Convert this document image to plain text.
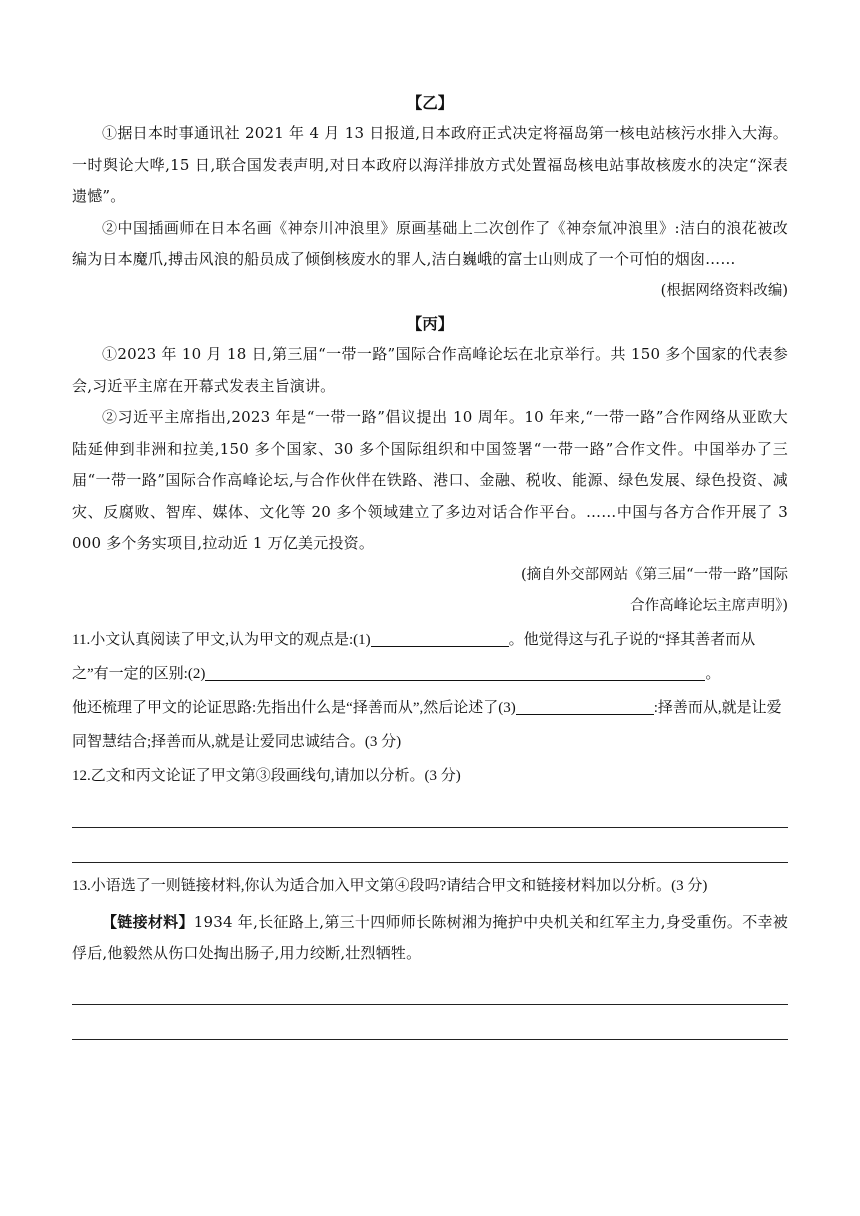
【乙】

①据日本时事通讯社 2021 年 4 月 13 日报道,日本政府正式决定将福岛第一核电站核污水排入大海。一时舆论大哗,15 日,联合国发表声明,对日本政府以海洋排放方式处置福岛核电站事故核废水的决定“深表遗憾”。

②中国插画师在日本名画《神奈川冲浪里》原画基础上二次创作了《神奈氚冲浪里》:洁白的浪花被改编为日本魔爪,搏击风浪的船员成了倾倒核废水的罪人,洁白巍峨的富士山则成了一个可怕的烟囱……

(根据网络资料改编)

【丙】

①2023 年 10 月 18 日,第三届“一带一路”国际合作高峰论坛在北京举行。共 150 多个国家的代表参会,习近平主席在开幕式发表主旨演讲。

②习近平主席指出,2023 年是“一带一路”倡议提出 10 周年。10 年来,“一带一路”合作网络从亚欧大陆延伸到非洲和拉美,150 多个国家、30 多个国际组织和中国签署“一带一路”合作文件。中国举办了三届“一带一路”国际合作高峰论坛,与合作伙伴在铁路、港口、金融、税收、能源、绿色发展、绿色投资、减灾、反腐败、智库、媒体、文化等 20 多个领域建立了多边对话合作平台。……中国与各方合作开展了 3 000 多个务实项目,拉动近 1 万亿美元投资。

(摘自外交部网站《第三届“一带一路”国际

合作高峰论坛主席声明》)

11.小文认真阅读了甲文,认为甲文的观点是:(1)	。他觉得这与孔子说的“择其善者而从之”有一定的区别:(2)	。

他还梳理了甲文的论证思路:先指出什么是“择善而从”,然后论述了(3)	:择善而从,就是让爱同智慧结合;择善而从,就是让爱同忠诚结合。(3 分)

12.乙文和丙文论证了甲文第③段画线句,请加以分析。(3 分)

13.小语选了一则链接材料,你认为适合加入甲文第④段吗?请结合甲文和链接材料加以分析。(3 分)

【链接材料】1934 年,长征路上,第三十四师师长陈树湘为掩护中央机关和红军主力,身受重伤。不幸被俘后,他毅然从伤口处掏出肠子,用力绞断,壮烈牺牲。
